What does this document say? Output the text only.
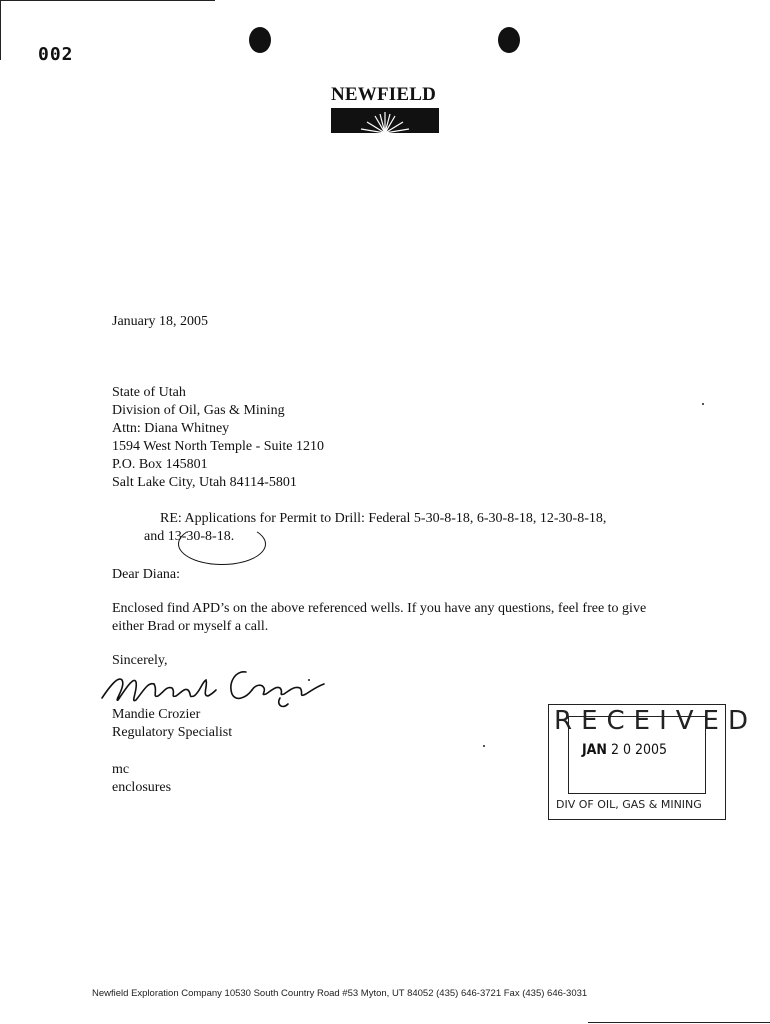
002
NEWFIELD
January 18, 2005
State of Utah
Division of Oil, Gas & Mining
Attn: Diana Whitney
1594 West North Temple - Suite 1210
P.O. Box 145801
Salt Lake City, Utah 84114-5801
RE: Applications for Permit to Drill: Federal 5-30-8-18, 6-30-8-18, 12-30-8-18,
and 13-30-8-18.
Dear Diana:
Enclosed find APD’s on the above referenced wells. If you have any questions, feel free to give either Brad or myself a call.
Sincerely,
Mandie Crozier
Regulatory Specialist
mc
enclosures
RECEIVED
JAN 2 0 2005
DIV OF OIL, GAS & MINING
Newfield Exploration Company 10530 South Country Road #53 Myton, UT 84052 (435) 646-3721 Fax (435) 646-3031
